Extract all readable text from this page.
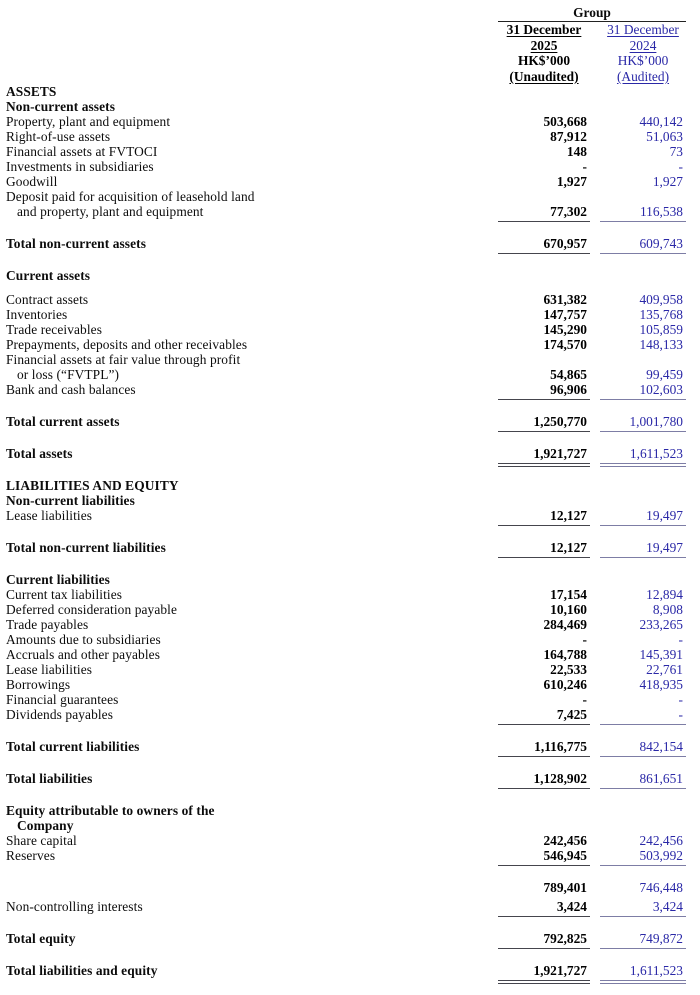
Group
31 December	31 December
2025	2024
HK$’000	HK$’000
(Unaudited)	(Audited)
ASSETS
Non-current assets
Property, plant and equipment	503,668	440,142
Right-of-use assets	87,912	51,063
Financial assets at FVTOCI	148	73
Investments in subsidiaries	-	-
Goodwill	1,927	1,927
Deposit paid for acquisition of leasehold land
and property, plant and equipment	77,302	116,538
Total non-current assets	670,957	609,743
Current assets
Contract assets	631,382	409,958
Inventories	147,757	135,768
Trade receivables	145,290	105,859
Prepayments, deposits and other receivables	174,570	148,133
Financial assets at fair value through profit
or loss (“FVTPL”)	54,865	99,459
Bank and cash balances	96,906	102,603
Total current assets	1,250,770	1,001,780
Total assets	1,921,727	1,611,523
LIABILITIES AND EQUITY
Non-current liabilities
Lease liabilities	12,127	19,497
Total non-current liabilities	12,127	19,497
Current liabilities
Current tax liabilities	17,154	12,894
Deferred consideration payable	10,160	8,908
Trade payables	284,469	233,265
Amounts due to subsidiaries	-	-
Accruals and other payables	164,788	145,391
Lease liabilities	22,533	22,761
Borrowings	610,246	418,935
Financial guarantees	-	-
Dividends payables	7,425	-
Total current liabilities	1,116,775	842,154
Total liabilities	1,128,902	861,651
Equity attributable to owners of the
Company
Share capital	242,456	242,456
Reserves	546,945	503,992
789,401	746,448
Non-controlling interests	3,424	3,424
Total equity	792,825	749,872
Total liabilities and equity	1,921,727	1,611,523
